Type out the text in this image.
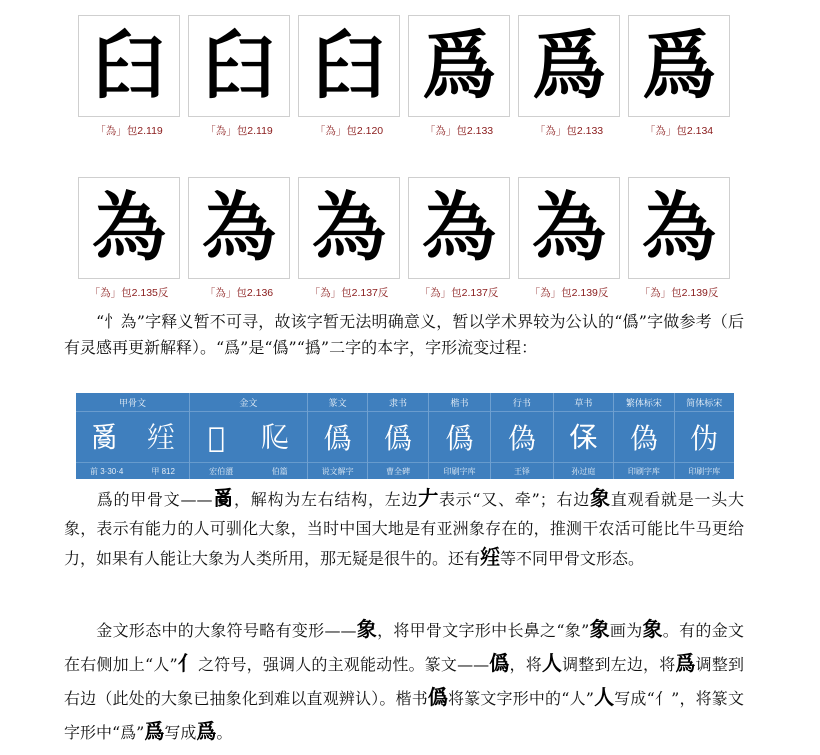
𦥑
「為」包2.119
𦥑
「為」包2.119
𦥑
「為」包2.120
爲
「為」包2.133
爲
「為」包2.133
爲
「為」包2.134
為
「為」包2.135反
為
「為」包2.136
為
「為」包2.137反
為
「為」包2.137反
為
「為」包2.139反
為
「為」包2.139反
“忄為”字释义暂不可寻，故该字暂无法明确意义，暂以学术界较为公认的“僞”字做参考（后有灵感再更新解释）。“爲”是“僞”“撝”二字的本字，字形流变过程：
甲骨文
𤔔 𤔕
前 3·30·4	甲 812
金文
𤓰 𤓱
宏伯盨	伯篇
篆文
僞
说文解字
隶书
僞
曹全碑
楷书
僞
印刷字库
行书
偽
王铎
草书
𠈃
孙过庭
繁体标宋
偽
印刷字库
简体标宋
伪
印刷字库
爲的甲骨文——𤔔，解构为左右结构，左边𠂇表示“又、牵”；右边象直观看就是一头大象，表示有能力的人可驯化大象，当时中国大地是有亚洲象存在的，推测干农活可能比牛马更给力，如果有人能让大象为人类所用，那无疑是很牛的。还有𤔕等不同甲骨文形态。
金文形态中的大象符号略有变形——象，将甲骨文字形中长鼻之“象”象画为象。有的金文在右侧加上“人”亻之符号，强调人的主观能动性。篆文——僞，将人调整到左边，将爲调整到右边（此处的大象已抽象化到难以直观辨认）。楷书僞将篆文字形中的“人”人写成“亻”，将篆文字形中“爲”爲写成爲。
